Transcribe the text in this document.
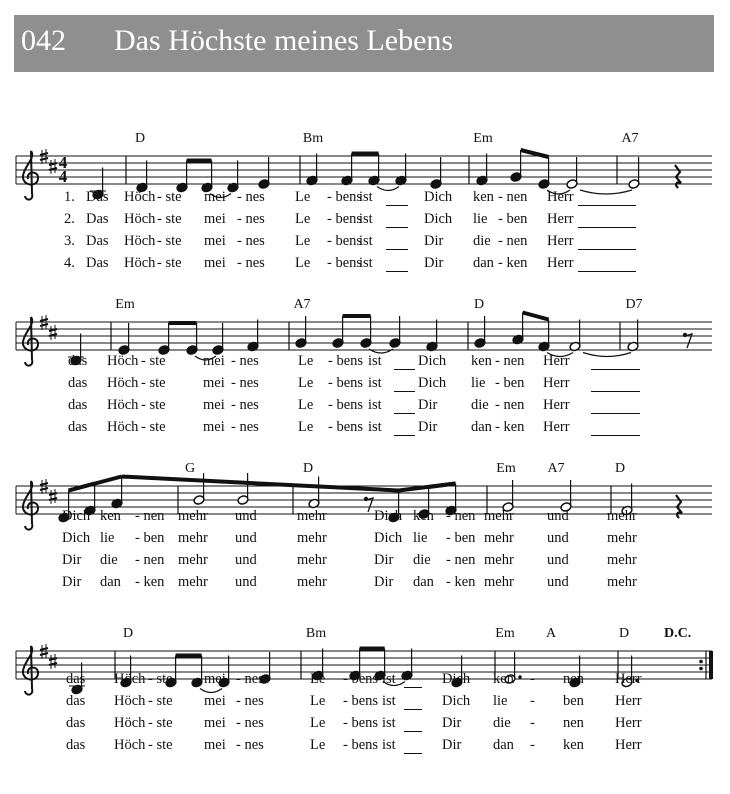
042 Das Höchste meines Lebens
4
4
D	Bm	Em	A7
Em	A7	D	D7
G	D	Em A7	D
D	Bm	Em A	D D.C.
1. Das Höch - ste mei - nes Le - bens
ist	Dich ken - nen Herr
2. Das Höch - ste mei - nes Le - bens
ist	Dich lie - ben Herr
3. Das Höch - ste mei - nes Le - bens
ist	Dir die - nen Herr
4. Das Höch - ste mei - nes Le - bens
ist	Dir dan - ken Herr
das Höch - ste	mei - nes	Le - bens ist	Dich ken - nen Herr
das Höch - ste	mei - nes	Le - bens ist	Dich lie - ben Herr
das Höch - ste	mei - nes	Le - bens ist	Dir die - nen Herr
das Höch - ste	mei - nes	Le - bens ist	Dir dan - ken Herr
Dich ken - nen mehr und	mehr	Dich ken - nen mehr und	mehr
Dich lie - ben mehr und	mehr	Dich lie - ben mehr und	mehr
Dir die - nen mehr und	mehr	Dir die - nen mehr und	mehr
Dir dan - ken mehr und	mehr	Dir dan - ken mehr und	mehr
das Höch - ste mei - nes	Le - bens ist	Dich ken - nen Herr
das Höch - ste mei - nes	Le - bens ist	Dich lie - ben Herr
das Höch - ste mei - nes	Le - bens ist	Dir die - nen Herr
das Höch - ste mei - nes	Le - bens ist	Dir dan - ken Herr
